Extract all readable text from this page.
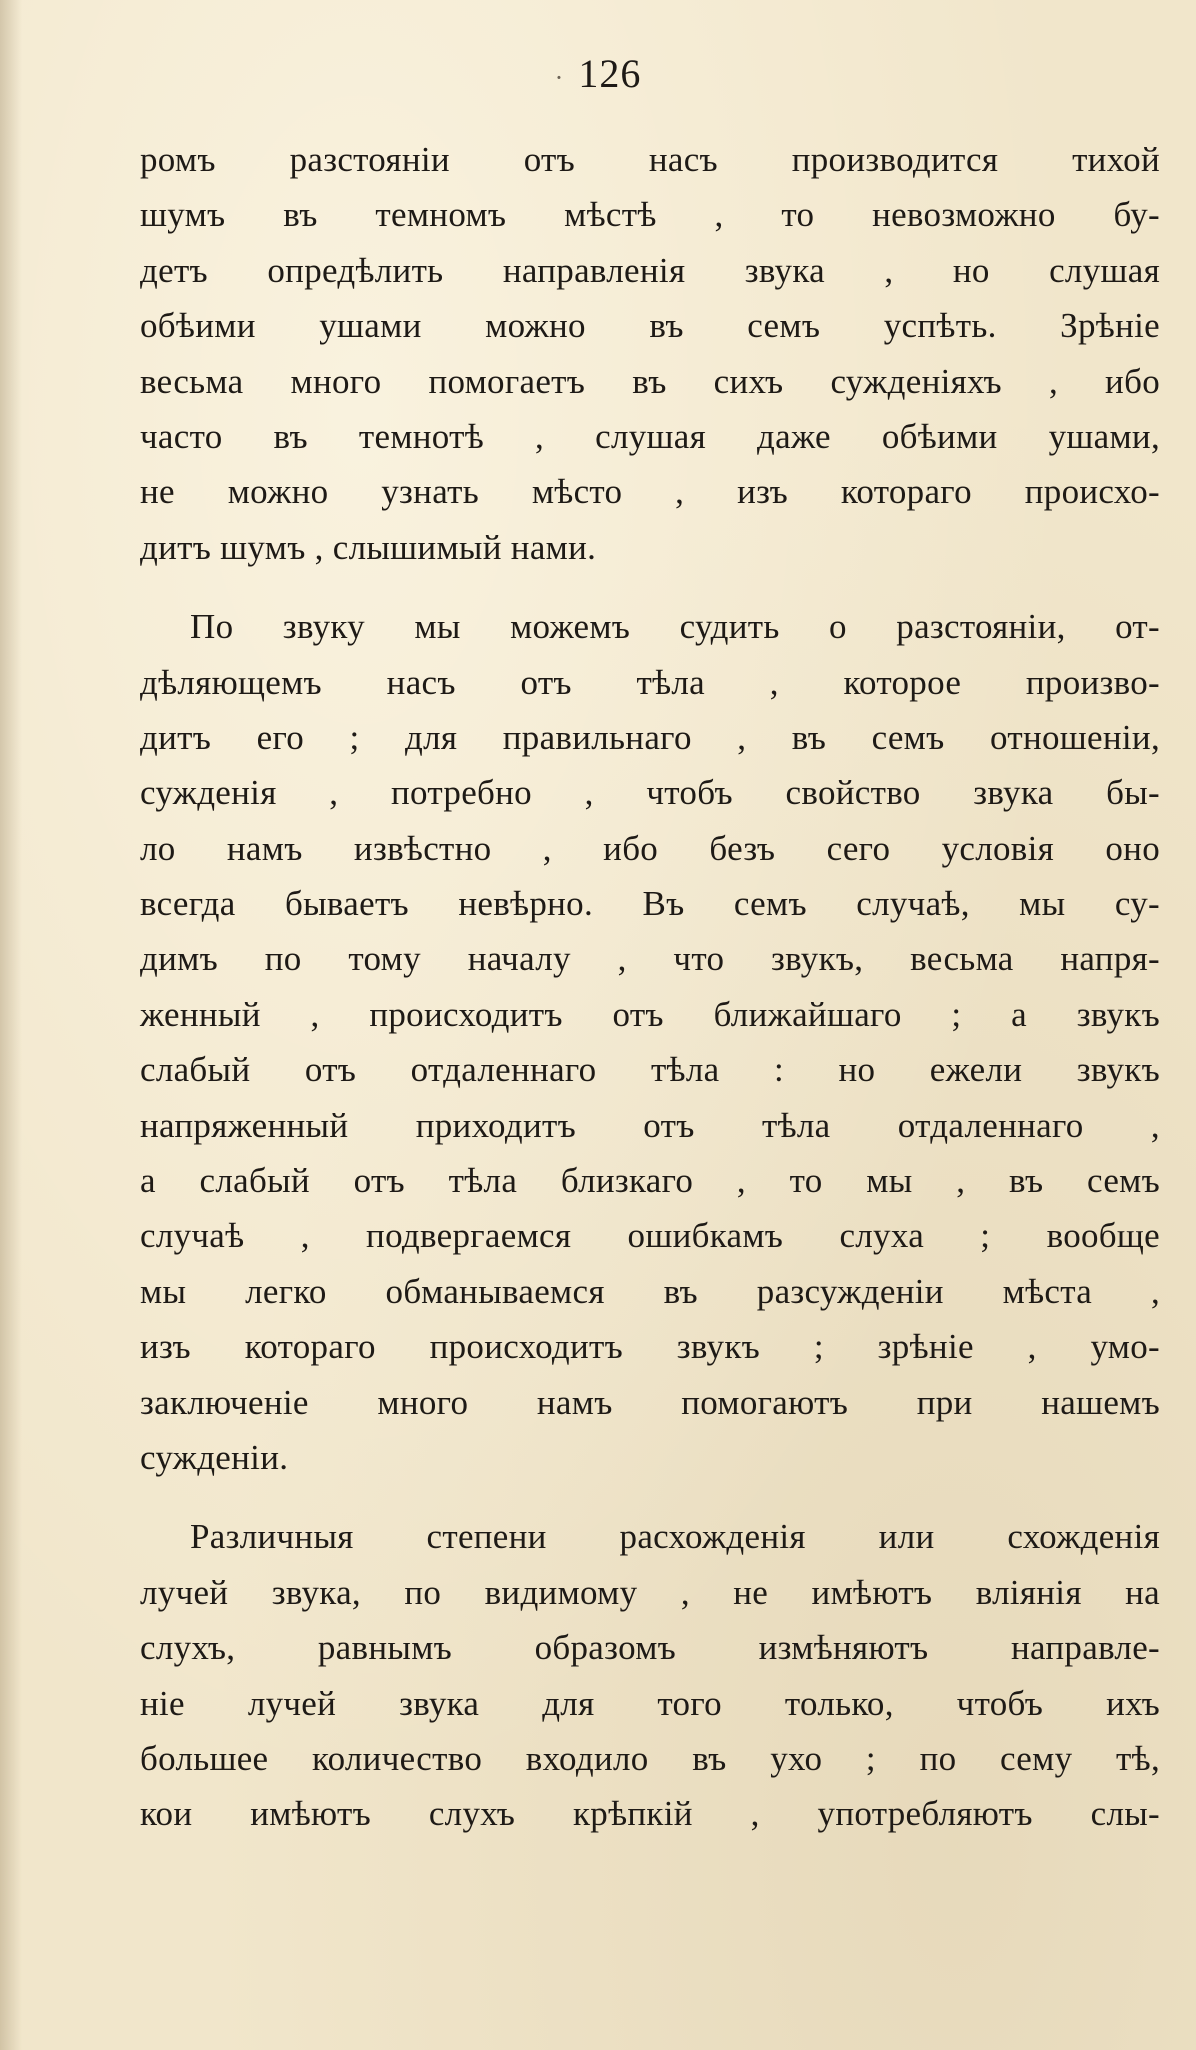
· 126
ромъ разстояніи отъ насъ производится тихой
шумъ въ темномъ мѣстѣ , то невозможно бу-
детъ опредѣлить направленія звука , но слушая
обѣими ушами можно въ семъ успѣть. Зрѣніе
весьма много помогаетъ въ сихъ сужденіяхъ , ибо
часто въ темнотѣ , слушая даже обѣими ушами,
не можно узнать мѣсто , изъ котораго происхо-
дитъ шумъ , слышимый нами.
По звуку мы можемъ судить о разстояніи, от-
дѣляющемъ насъ отъ тѣла , которое произво-
дитъ его ; для правильнаго , въ семъ отношеніи,
сужденія , потребно , чтобъ свойство звука бы-
ло намъ извѣстно , ибо безъ сего условія оно
всегда бываетъ невѣрно. Въ семъ случаѣ, мы су-
димъ по тому началу , что звукъ, весьма напря-
женный , происходитъ отъ ближайшаго ; а звукъ
слабый отъ отдаленнаго тѣла : но ежели звукъ
напряженный приходитъ отъ тѣла отдаленнаго ,
а слабый отъ тѣла близкаго , то мы , въ семъ
случаѣ , подвергаемся ошибкамъ слуха ; вообще
мы легко обманываемся въ разсужденіи мѣста ,
изъ котораго происходитъ звукъ ; зрѣніе , умо-
заключеніе много намъ помогаютъ при нашемъ
сужденіи.
Различныя степени расхожденія или схожденія
лучей звука, по видимому , не имѣютъ вліянія на
слухъ, равнымъ образомъ измѣняютъ направле-
ніе лучей звука для того только, чтобъ ихъ
большее количество входило въ ухо ; по сему тѣ,
кои имѣютъ слухъ крѣпкій , употребляютъ слы-
